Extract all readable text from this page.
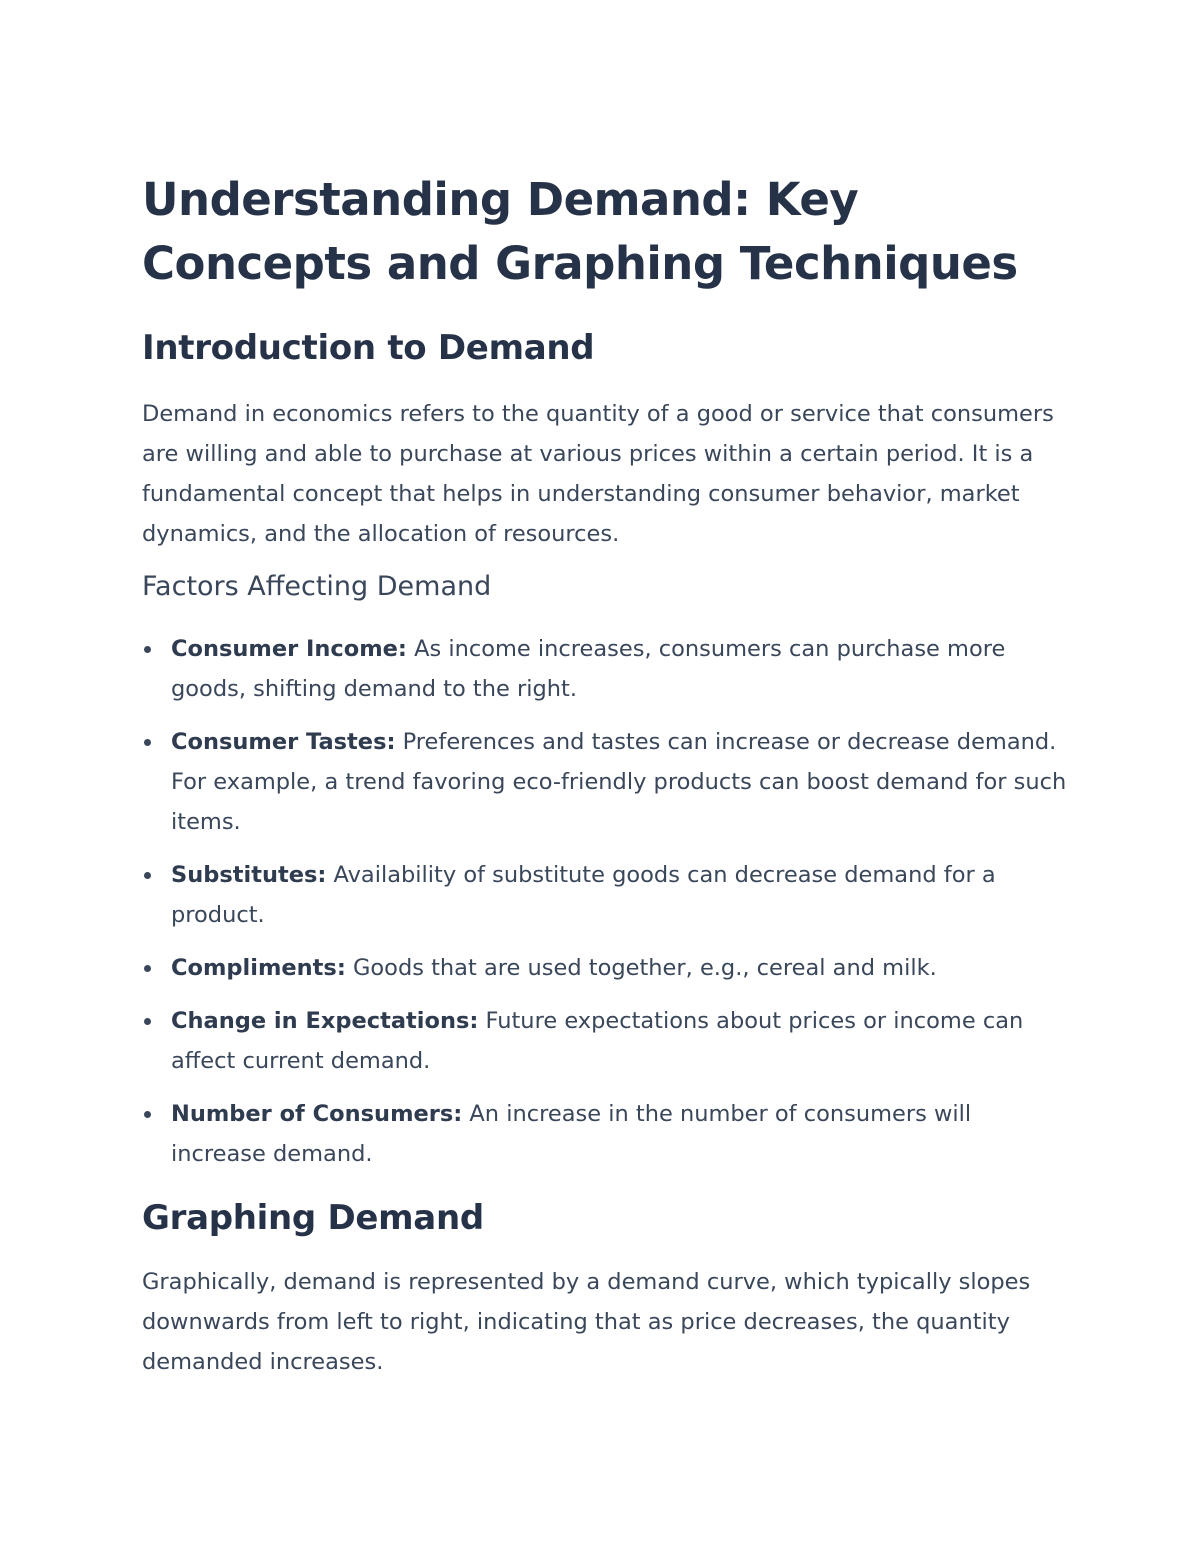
Understanding Demand: Key Concepts and Graphing Techniques
Introduction to Demand

Demand in economics refers to the quantity of a good or service that consumers are willing and able to purchase at various prices within a certain period. It is a fundamental concept that helps in understanding consumer behavior, market dynamics, and the allocation of resources.

Factors Affecting Demand
Consumer Income: As income increases, consumers can purchase more goods, shifting demand to the right.
Consumer Tastes: Preferences and tastes can increase or decrease demand. For example, a trend favoring eco-friendly products can boost demand for such items.
Substitutes: Availability of substitute goods can decrease demand for a product.
Compliments: Goods that are used together, e.g., cereal and milk.
Change in Expectations: Future expectations about prices or income can affect current demand.
Number of Consumers: An increase in the number of consumers will increase demand.
Graphing Demand

Graphically, demand is represented by a demand curve, which typically slopes downwards from left to right, indicating that as price decreases, the quantity demanded increases.
